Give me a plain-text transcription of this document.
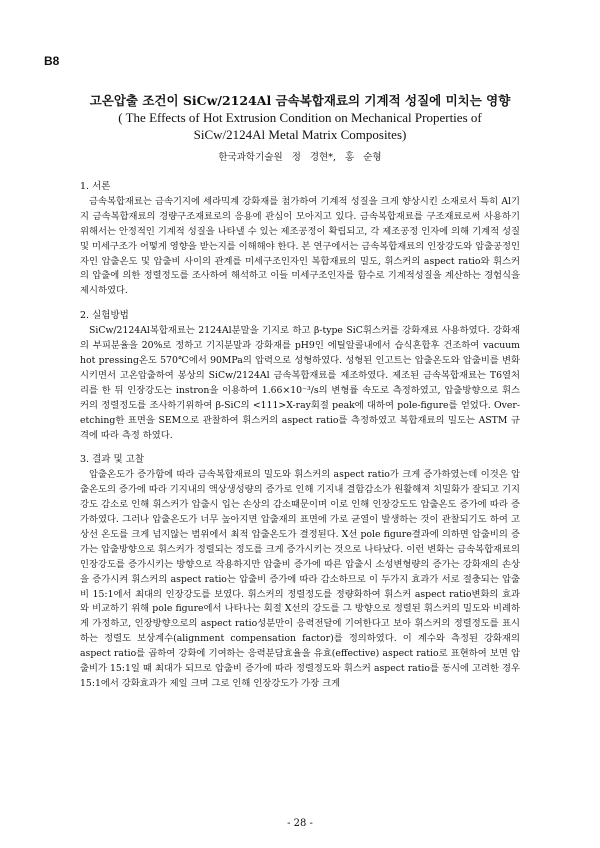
B8
고온압출 조건이 SiCw/2124Al 금속복합재료의 기계적 성질에 미치는 영향
( The Effects of Hot Extrusion Condition on Mechanical Properties of
SiCw/2124Al Metal Matrix Composites)
한국과학기술원 정 경현*, 홍 순형
1. 서론

금속복합재료는 금속기지에 세라믹계 강화재를 첨가하여 기계적 성질을 크게 향상시킨 소재로서 특히 Al기지 금속복합재료의 경량구조재료로의 응용에 관심이 모아지고 있다. 금속복합재료를 구조재료로써 사용하기 위해서는 안정적인 기계적 성질을 나타낼 수 있는 제조공정이 확립되고, 각 제조공정 인자에 의해 기계적 성질 및 미세구조가 어떻게 영향을 받는지를 이해해야 한다. 본 연구에서는 금속복합재료의 인장강도와 압출공정인자인 압출온도 및 압출비 사이의 관계를 미세구조인자인 복합재료의 밀도, 휘스커의 aspect ratio와 휘스커의 압출에 의한 정렬정도를 조사하여 해석하고 이들 미세구조인자를 함수로 기계적성질을 계산하는 경험식을 제시하였다.

2. 실험방법

SiCw/2124Al복합재료는 2124Al분말을 기지로 하고 β-type SiC휘스커를 강화재료 사용하였다. 강화재의 부피분율을 20%로 정하고 기지분말과 강화재를 pH9인 에틸알콜내에서 습식혼합후 건조하여 vacuum hot pressing온도 570℃에서 90MPa의 압력으로 성형하였다. 성형된 인고트는 압출온도와 압출비를 변화 시키면서 고온압출하여 봉상의 SiCw/2124Al 금속복합재료를 제조하였다. 제조된 금속복합재료는 T6열처리를 한 뒤 인장강도는 instron을 이용하여 1.66×10⁻³/s의 변형률 속도로 측정하였고, 압출방향으로 휘스커의 정렬정도를 조사하기위하여 β-SiC의 <111>X-ray회절 peak에 대하여 pole-figure를 얻었다. Over-etching한 표면을 SEM으로 관찰하여 휘스커의 aspect ratio를 측정하였고 복합재료의 밀도는 ASTM 규격에 따라 측정 하였다.

3. 결과 및 고찰

압출온도가 증가함에 따라 금속복합재료의 밀도와 휘스커의 aspect ratio가 크게 증가하였는데 이것은 압출온도의 증가에 따라 기지내의 액상생성량의 증가로 인해 기지내 결함감소가 원활해져 치밀화가 잘되고 기지강도 감소로 인해 휘스커가 압출시 입는 손상의 감소때문이며 이로 인해 인장강도도 압출온도 증가에 따라 증가하였다. 그러나 압출온도가 너무 높아지면 압출재의 표면에 가로 균열이 발생하는 것이 관찰되기도 하여 고상선 온도를 크게 넘지않는 범위에서 최적 압출온도가 결정된다. X선 pole figure결과에 의하면 압출비의 증가는 압출방향으로 휘스커가 정렬되는 정도를 크게 증가시키는 것으로 나타났다. 이런 변화는 금속복합재료의 인장강도를 증가시키는 방향으로 작용하지만 압출비 증가에 따른 압출시 소성변형량의 증가는 강화재의 손상을 증가시켜 휘스커의 aspect ratio는 압출비 증가에 따라 감소하므로 이 두가지 효과가 서로 절충되는 압출비 15:1에서 최대의 인장강도를 보였다. 휘스커의 정렬정도를 정량화하여 휘스커 aspect ratio변화의 효과와 비교하기 위해 pole figure에서 나타나는 회절 X선의 강도를 그 방향으로 정렬된 휘스커의 밀도와 비례하게 가정하고, 인장방향으로의 aspect ratio성분만이 응력전달에 기여한다고 보아 휘스커의 정렬정도를 표시하는 정렬도 보상계수(alignment compensation factor)를 정의하였다. 이 계수와 측정된 강화재의 aspect ratio를 곱하여 강화에 기여하는 응력분담효율을 유효(effective) aspect ratio로 표현하여 보면 압출비가 15:1일 때 최대가 되므로 압출비 증가에 따라 정렬정도와 휘스커 aspect ratio를 동시에 고려한 경우 15:1에서 강화효과가 제일 크며 그로 인해 인장강도가 가장 크게

- 28 -
